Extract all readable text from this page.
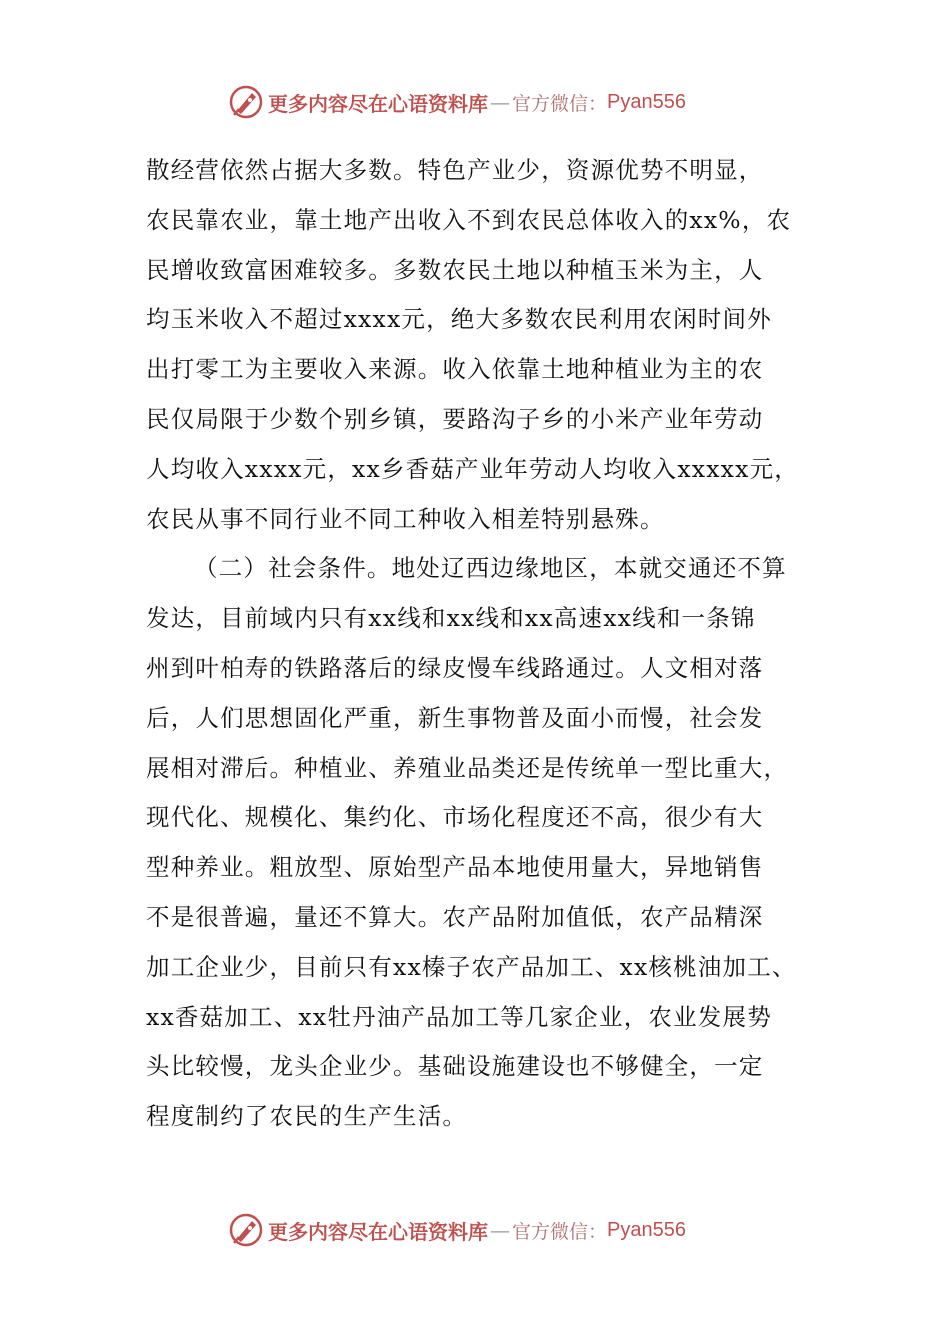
更多内容尽在心语资料库 — 官方微信： Pyan556
散经营依然占据大多数。特色产业少，资源优势不明显，
农民靠农业，靠土地产出收入不到农民总体收入的xx%，农
民增收致富困难较多。多数农民土地以种植玉米为主，人
均玉米收入不超过xxxx元，绝大多数农民利用农闲时间外
出打零工为主要收入来源。收入依靠土地种植业为主的农
民仅局限于少数个别乡镇，要路沟子乡的小米产业年劳动
人均收入xxxx元，xx乡香菇产业年劳动人均收入xxxxx元，
农民从事不同行业不同工种收入相差特别悬殊。
（二）社会条件。地处辽西边缘地区，本就交通还不算
发达，目前域内只有xx线和xx线和xx高速xx线和一条锦
州到叶柏寿的铁路落后的绿皮慢车线路通过。人文相对落
后，人们思想固化严重，新生事物普及面小而慢，社会发
展相对滞后。种植业、养殖业品类还是传统单一型比重大，
现代化、规模化、集约化、市场化程度还不高，很少有大
型种养业。粗放型、原始型产品本地使用量大，异地销售
不是很普遍，量还不算大。农产品附加值低，农产品精深
加工企业少，目前只有xx榛子农产品加工、xx核桃油加工、
xx香菇加工、xx牡丹油产品加工等几家企业，农业发展势
头比较慢，龙头企业少。基础设施建设也不够健全，一定
程度制约了农民的生产生活。
更多内容尽在心语资料库 — 官方微信： Pyan556
